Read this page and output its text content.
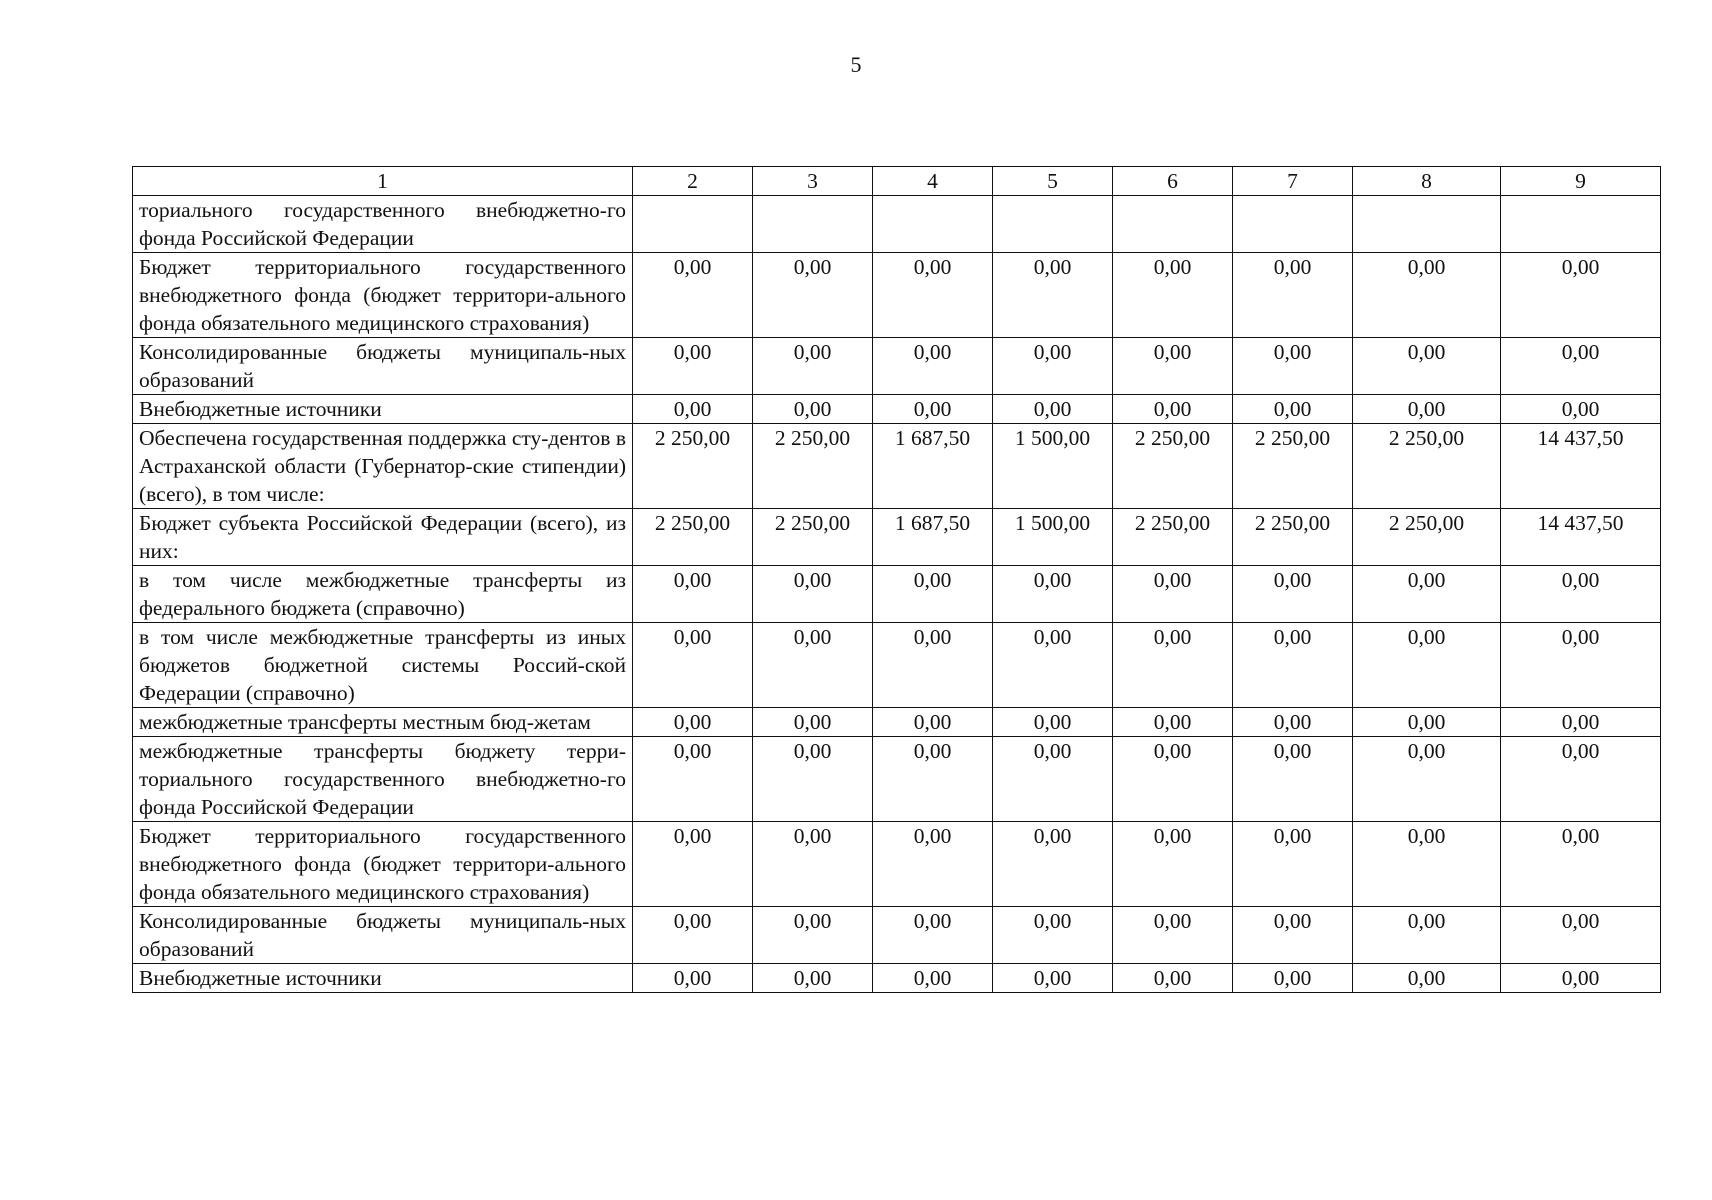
5
1	2	3	4	5	6	7	8	9
ториального государственного внебюджетно-го фонда Российской Федерации								
Бюджет территориального государственного внебюджетного фонда (бюджет территори-ального фонда обязательного медицинского страхования)	0,00	0,00	0,00	0,00	0,00	0,00	0,00	0,00
Консолидированные бюджеты муниципаль-ных образований	0,00	0,00	0,00	0,00	0,00	0,00	0,00	0,00
Внебюджетные источники	0,00	0,00	0,00	0,00	0,00	0,00	0,00	0,00
Обеспечена государственная поддержка сту-дентов в Астраханской области (Губернатор-ские стипендии) (всего), в том числе:	2 250,00	2 250,00	1 687,50	1 500,00	2 250,00	2 250,00	2 250,00	14 437,50
Бюджет субъекта Российской Федерации (всего), из них:	2 250,00	2 250,00	1 687,50	1 500,00	2 250,00	2 250,00	2 250,00	14 437,50
в том числе межбюджетные трансферты из федерального бюджета (справочно)	0,00	0,00	0,00	0,00	0,00	0,00	0,00	0,00
в том числе межбюджетные трансферты из иных бюджетов бюджетной системы Россий-ской Федерации (справочно)	0,00	0,00	0,00	0,00	0,00	0,00	0,00	0,00
межбюджетные трансферты местным бюд-жетам	0,00	0,00	0,00	0,00	0,00	0,00	0,00	0,00
межбюджетные трансферты бюджету терри-ториального государственного внебюджетно-го фонда Российской Федерации	0,00	0,00	0,00	0,00	0,00	0,00	0,00	0,00
Бюджет территориального государственного внебюджетного фонда (бюджет территори-ального фонда обязательного медицинского страхования)	0,00	0,00	0,00	0,00	0,00	0,00	0,00	0,00
Консолидированные бюджеты муниципаль-ных образований	0,00	0,00	0,00	0,00	0,00	0,00	0,00	0,00
Внебюджетные источники	0,00	0,00	0,00	0,00	0,00	0,00	0,00	0,00
